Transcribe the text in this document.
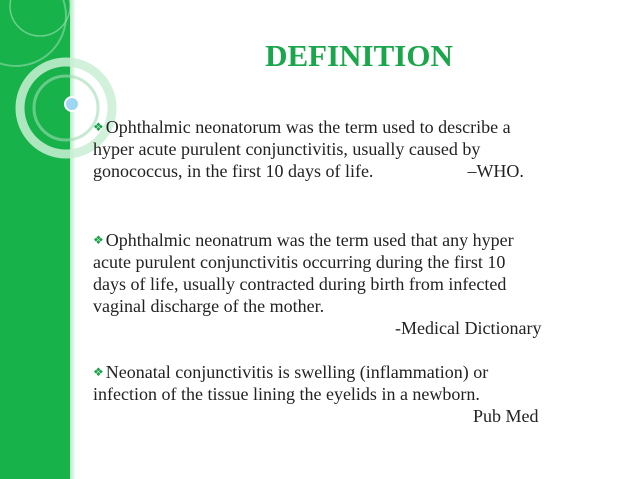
DEFINITION
❖ Ophthalmic neonatorum was the term used to describe a
hyper acute purulent conjunctivitis, usually caused by
gonococcus, in the first 10 days of life.	–WHO.
❖ Ophthalmic neonatrum was the term used that any hyper
acute purulent conjunctivitis occurring during the first 10
days of life, usually contracted during birth from infected
vaginal discharge of the mother.
-Medical Dictionary
❖ Neonatal conjunctivitis is swelling (inflammation) or
infection of the tissue lining the eyelids in a newborn.
Pub Med
